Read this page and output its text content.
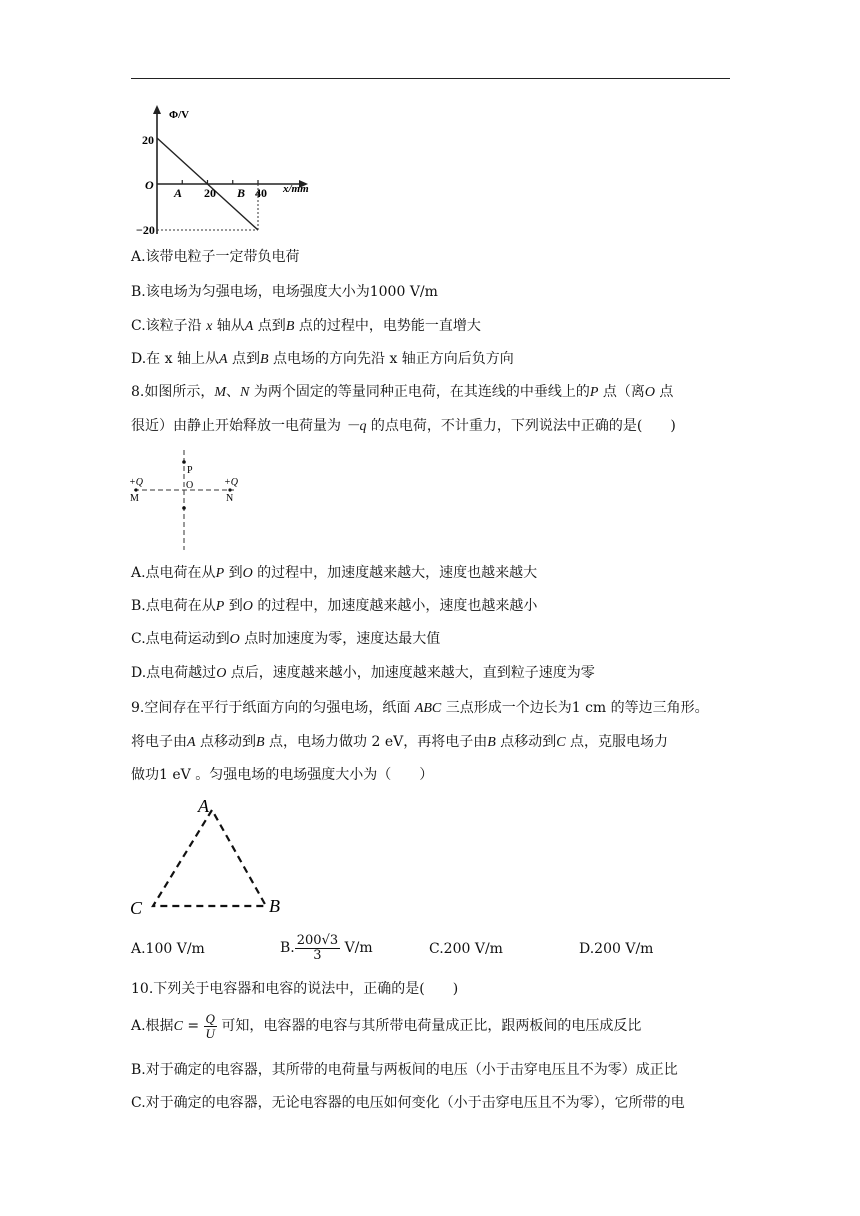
Φ/V
x/mm
20
O
−20
A 20 B 40
A.该带电粒子一定带负电荷
B.该电场为匀强电场，电场强度大小为1000 V/m
C.该粒子沿 x 轴从A 点到B 点的过程中，电势能一直增大
D.在 x 轴上从A 点到B 点电场的方向先沿 x 轴正方向后负方向
8.如图所示，M、N 为两个固定的等量同种正电荷，在其连线的中垂线上的P 点（离O 点
很近）由静止开始释放一电荷量为 －q 的点电荷，不计重力，下列说法中正确的是(　　)
+Q	+Q
M	N
P
O
A.点电荷在从P 到O 的过程中，加速度越来越大，速度也越来越大
B.点电荷在从P 到O 的过程中，加速度越来越小，速度也越来越小
C.点电荷运动到O 点时加速度为零，速度达最大值
D.点电荷越过O 点后，速度越来越小，加速度越来越大，直到粒子速度为零
9.空间存在平行于纸面方向的匀强电场，纸面 ABC 三点形成一个边长为1 cm 的等边三角形。
将电子由A 点移动到B 点，电场力做功 2 eV，再将电子由B 点移动到C 点，克服电场力
做功1 eV 。匀强电场的电场强度大小为（　　）
A
C	B
A.100 V/m	B. $\frac{200√3}{3} V/m$	C.200 V/m	D.200 V/m
10.下列关于电容器和电容的说法中，正确的是(　　)
A.根据$C = \frac{Q}{U}$ 可知，电容器的电容与其所带电荷量成正比，跟两板间的电压成反比
B.对于确定的电容器，其所带的电荷量与两板间的电压（小于击穿电压且不为零）成正比
C.对于确定的电容器，无论电容器的电压如何变化（小于击穿电压且不为零），它所带的电
